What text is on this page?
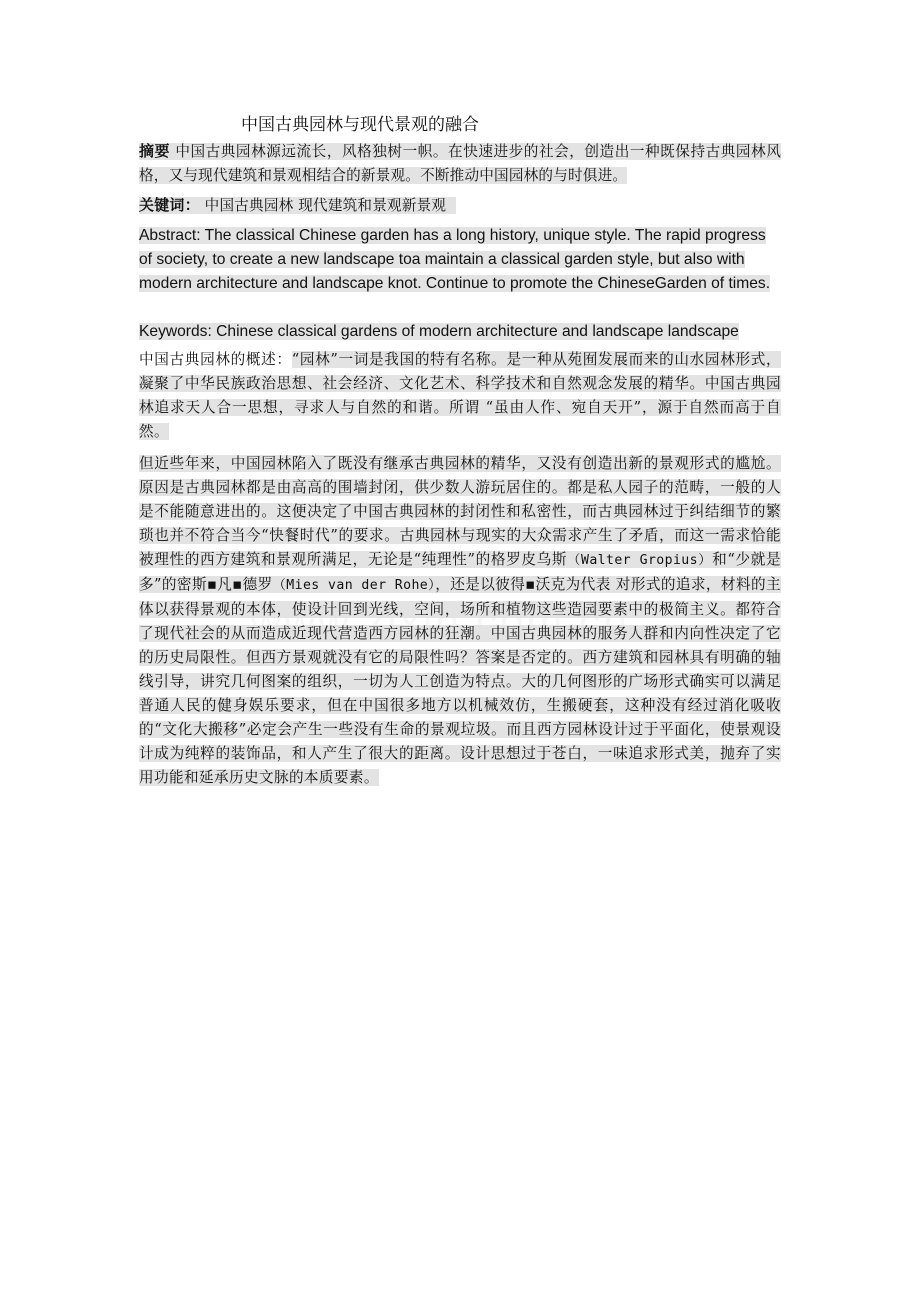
中国古典园林与现代景观的融合
摘要 中国古典园林源远流长，风格独树一帜。在快速进步的社会，创造出一种既保持古典园林风格，又与现代建筑和景观相结合的新景观。不断推动中国园林的与时俱进。
关键词： 中国古典园林 现代建筑和景观新景观
Abstract: The classical Chinese garden has a long history, unique style. The rapid progress of society, to create a new landscape toa maintain a classical garden style, but also with modern architecture and landscape knot. Continue to promote the ChineseGarden of times.
Keywords: Chinese classical gardens of modern architecture and landscape landscape
中国古典园林的概述：“园林”一词是我国的特有名称。是一种从苑囿发展而来的山水园林形式，凝聚了中华民族政治思想、社会经济、文化艺术、科学技术和自然观念发展的精华。中国古典园林追求天人合一思想，寻求人与自然的和谐。所谓 “虽由人作、宛自天开”，源于自然而高于自然。
但近些年来，中国园林陷入了既没有继承古典园林的精华，又没有创造出新的景观形式的尴尬。原因是古典园林都是由高高的围墙封闭，供少数人游玩居住的。都是私人园子的范畴，一般的人是不能随意进出的。这便决定了中国古典园林的封闭性和私密性，而古典园林过于纠结细节的繁琐也并不符合当今“快餐时代”的要求。古典园林与现实的大众需求产生了矛盾，而这一需求恰能被理性的西方建筑和景观所满足，无论是“纯理性”的格罗皮乌斯（Walter Gropius）和“少就是多”的密斯▪凡▪德罗（Mies van der Rohe），还是以彼得▪沃克为代表 对形式的追求，材料的主体以获得景观的本体，使设计回到光线，空间，场所和植物这些造园要素中的极简主义。都符合了现代社会的从而造成近现代营造西方园林的狂潮。中国古典园林的服务人群和内向性决定了它的历史局限性。但西方景观就没有它的局限性吗？答案是否定的。西方建筑和园林具有明确的轴线引导，讲究几何图案的组织，一切为人工创造为特点。大的几何图形的广场形式确实可以满足普通人民的健身娱乐要求，但在中国很多地方以机械效仿，生搬硬套，这种没有经过消化吸收的“文化大搬移”必定会产生一些没有生命的景观垃圾。而且西方园林设计过于平面化，使景观设计成为纯粹的装饰品，和人产生了很大的距离。设计思想过于苍白，一味追求形式美，抛弃了实用功能和延承历史文脉的本质要素。
